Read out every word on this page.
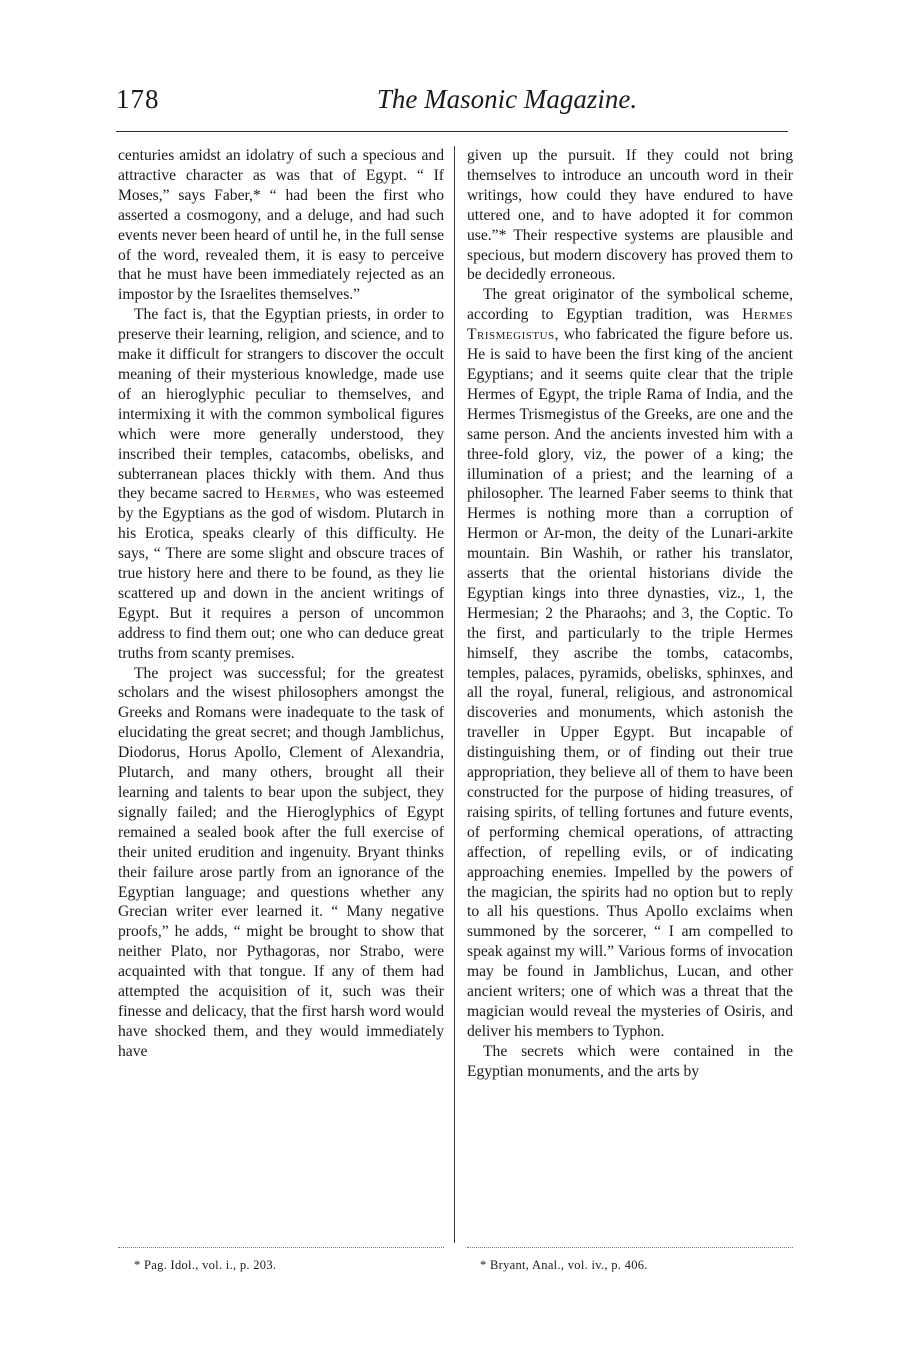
178	The Masonic Magazine.

centuries amidst an idolatry of such a specious and attractive character as was that of Egypt. “ If Moses,” says Faber,* “ had been the first who asserted a cosmogony, and a deluge, and had such events never been heard of until he, in the full sense of the word, revealed them, it is easy to perceive that he must have been immediately rejected as an impostor by the Israelites themselves.”

The fact is, that the Egyptian priests, in order to preserve their learning, religion, and science, and to make it difficult for strangers to discover the occult meaning of their mysterious knowledge, made use of an hieroglyphic peculiar to themselves, and intermixing it with the common symbolical figures which were more generally understood, they inscribed their temples, catacombs, obelisks, and subterranean places thickly with them. And thus they became sacred to Hermes, who was esteemed by the Egyptians as the god of wisdom. Plutarch in his Erotica, speaks clearly of this difficulty. He says, “ There are some slight and obscure traces of true history here and there to be found, as they lie scattered up and down in the ancient writings of Egypt. But it requires a person of uncommon address to find them out; one who can deduce great truths from scanty premises.

The project was successful; for the greatest scholars and the wisest philosophers amongst the Greeks and Romans were inadequate to the task of elucidating the great secret; and though Jamblichus, Diodorus, Horus Apollo, Clement of Alexandria, Plutarch, and many others, brought all their learning and talents to bear upon the subject, they signally failed; and the Hieroglyphics of Egypt remained a sealed book after the full exercise of their united erudition and ingenuity. Bryant thinks their failure arose partly from an ignorance of the Egyptian language; and questions whether any Grecian writer ever learned it. “ Many negative proofs,” he adds, “ might be brought to show that neither Plato, nor Pythagoras, nor Strabo, were acquainted with that tongue. If any of them had attempted the acquisition of it, such was their finesse and delicacy, that the first harsh word would have shocked them, and they would immediately have

given up the pursuit. If they could not bring themselves to introduce an uncouth word in their writings, how could they have endured to have uttered one, and to have adopted it for common use.”* Their respective systems are plausible and specious, but modern discovery has proved them to be decidedly erroneous.

The great originator of the symbolical scheme, according to Egyptian tradition, was Hermes Trismegistus, who fabricated the figure before us. He is said to have been the first king of the ancient Egyptians; and it seems quite clear that the triple Hermes of Egypt, the triple Rama of India, and the Hermes Trismegistus of the Greeks, are one and the same person. And the ancients invested him with a three-fold glory, viz, the power of a king; the illumination of a priest; and the learning of a philosopher. The learned Faber seems to think that Hermes is nothing more than a corruption of Hermon or Ar-mon, the deity of the Lunari-arkite mountain. Bin Washih, or rather his translator, asserts that the oriental historians divide the Egyptian kings into three dynasties, viz., 1, the Hermesian; 2 the Pharaohs; and 3, the Coptic. To the first, and particularly to the triple Hermes himself, they ascribe the tombs, catacombs, temples, palaces, pyramids, obelisks, sphinxes, and all the royal, funeral, religious, and astronomical discoveries and monuments, which astonish the traveller in Upper Egypt. But incapable of distinguishing them, or of finding out their true appropriation, they believe all of them to have been constructed for the purpose of hiding treasures, of raising spirits, of telling fortunes and future events, of performing chemical operations, of attracting affection, of repelling evils, or of indicating approaching enemies. Impelled by the powers of the magician, the spirits had no option but to reply to all his questions. Thus Apollo exclaims when summoned by the sorcerer, “ I am compelled to speak against my will.” Various forms of invocation may be found in Jamblichus, Lucan, and other ancient writers; one of which was a threat that the magician would reveal the mysteries of Osiris, and deliver his members to Typhon.

The secrets which were contained in the Egyptian monuments, and the arts by

* Pag. Idol., vol. i., p. 203.	* Bryant, Anal., vol. iv., p. 406.
